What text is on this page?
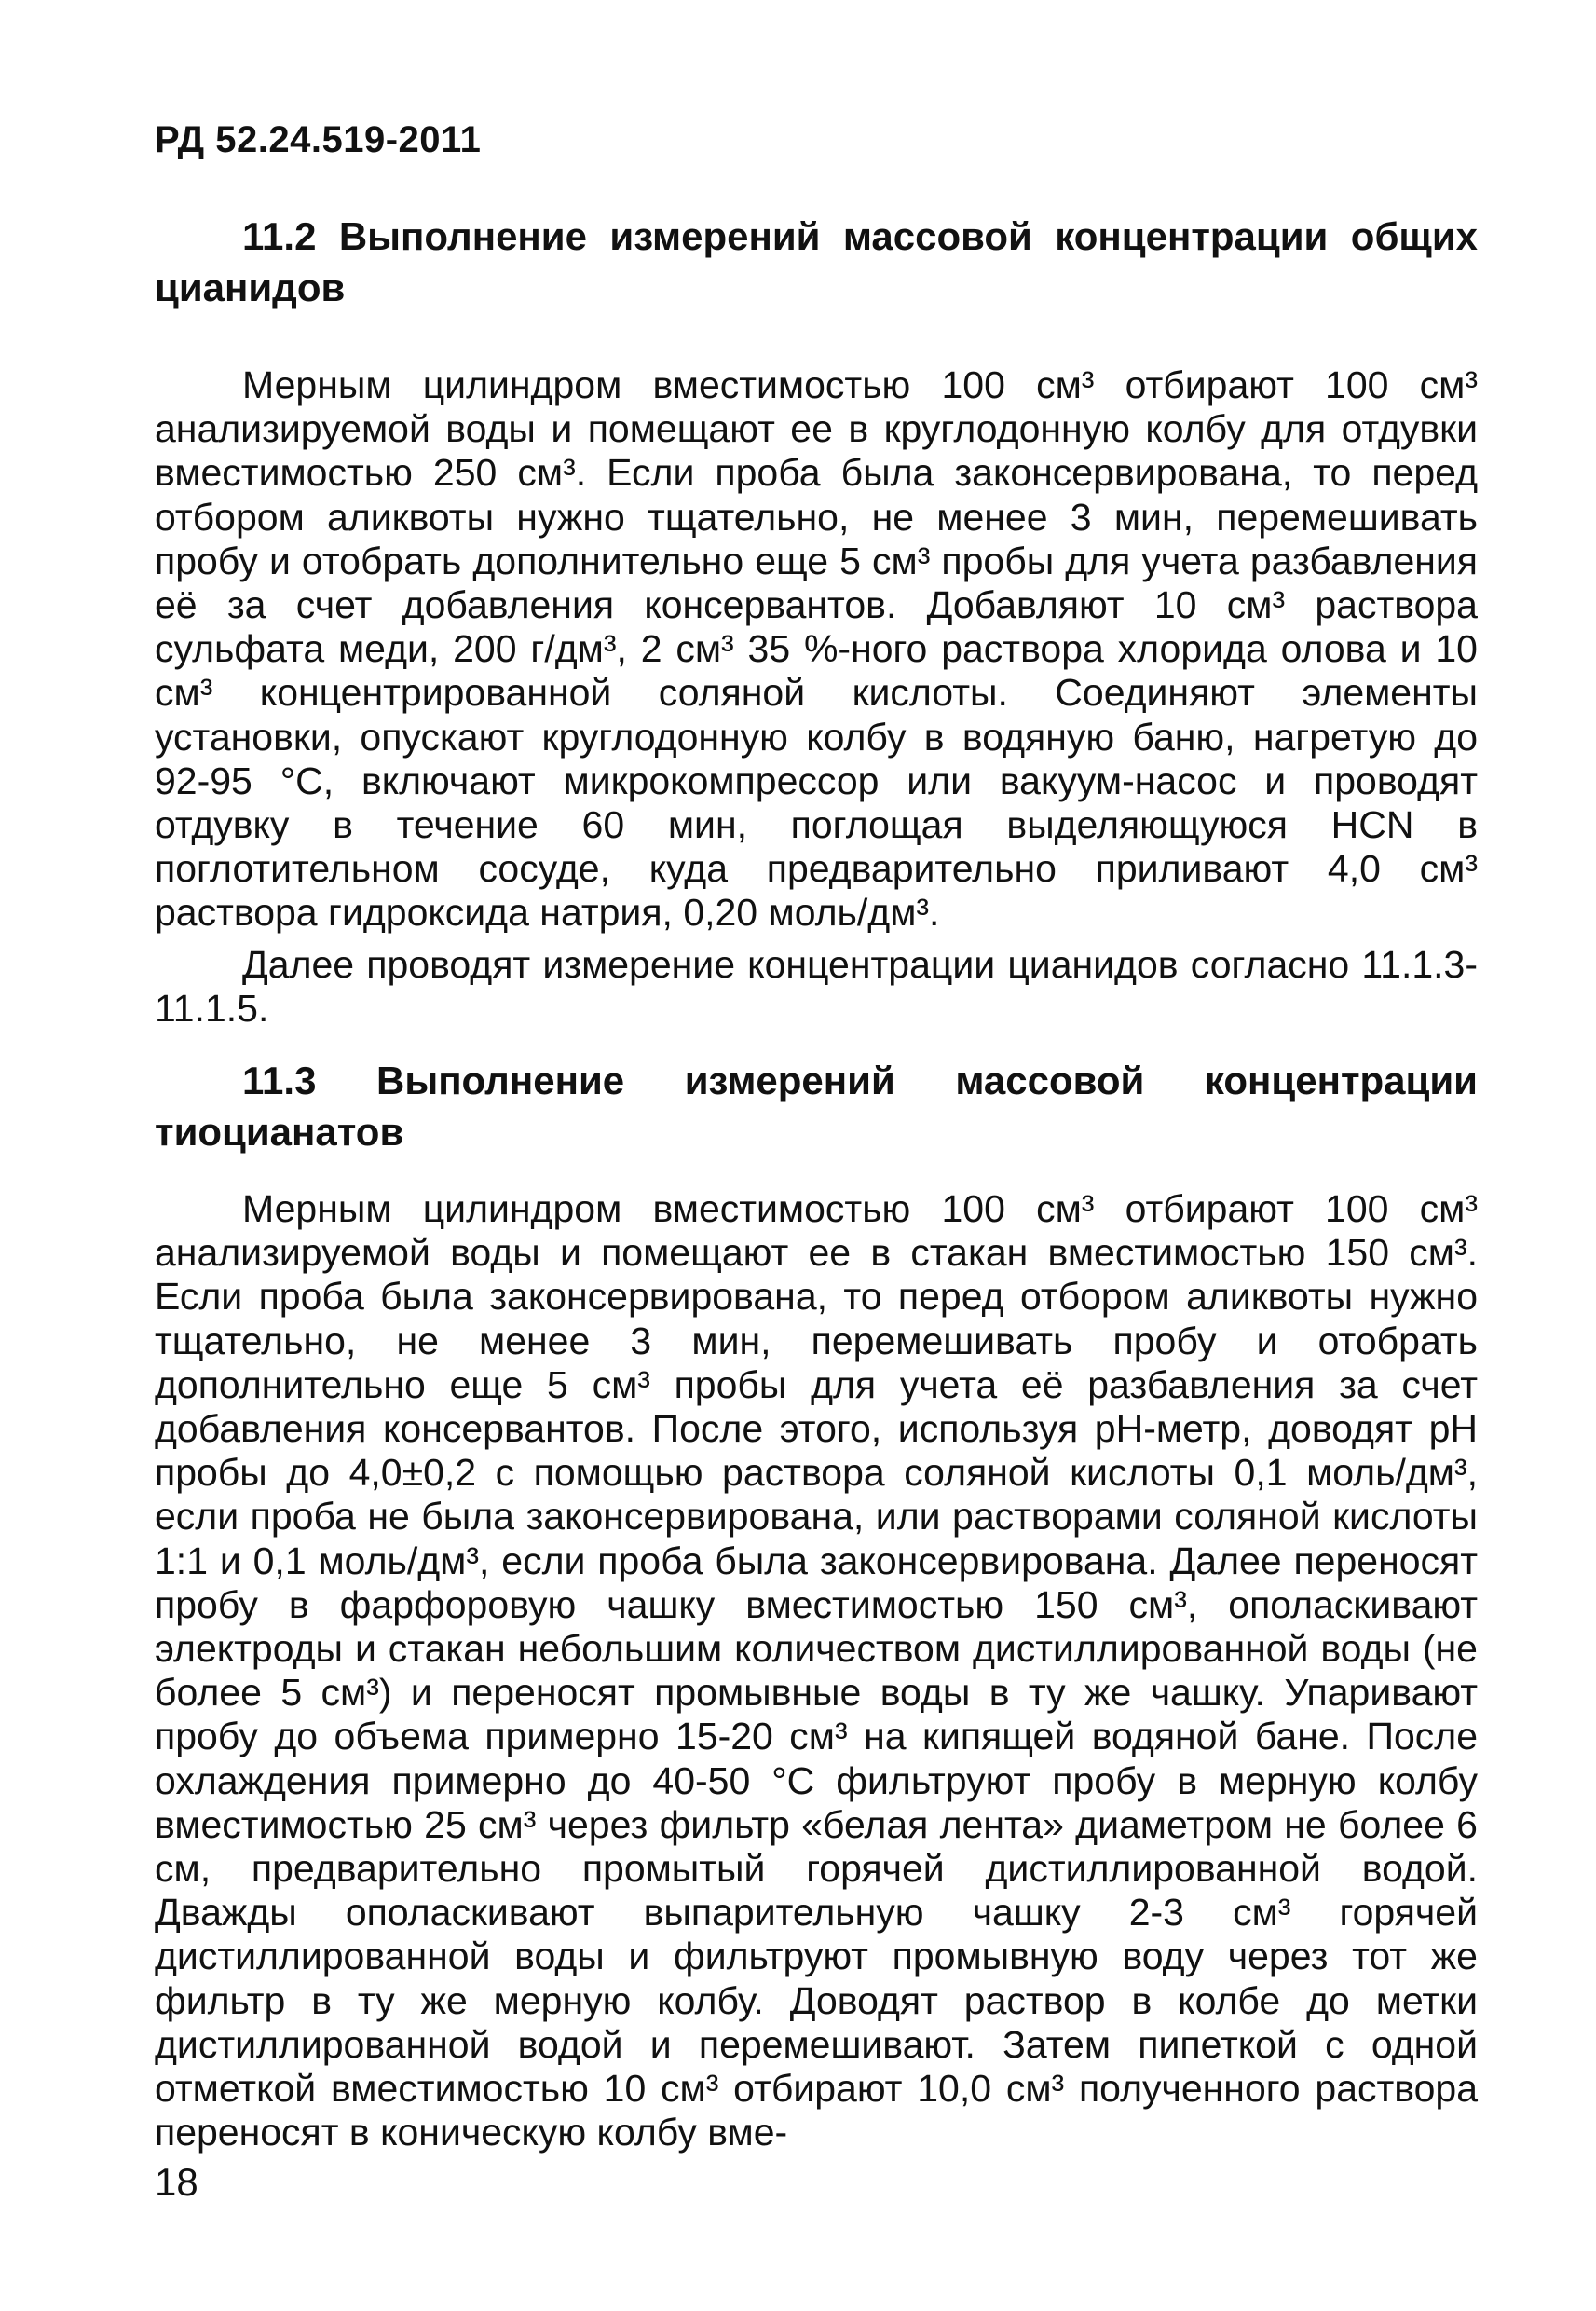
РД 52.24.519-2011

11.2 Выполнение измерений массовой концентрации общих цианидов

Мерным цилиндром вместимостью 100 см³ отбирают 100 см³ анализируемой воды и помещают ее в круглодонную колбу для отдувки вместимостью 250 см³. Если проба была законсервирована, то перед отбором аликвоты нужно тщательно, не менее 3 мин, перемешивать пробу и отобрать дополнительно еще 5 см³ пробы для учета разбавления её за счет добавления консервантов. Добавляют 10 см³ раствора сульфата меди, 200 г/дм³, 2 см³ 35 %-ного раствора хлорида олова и 10 см³ концентрированной соляной кислоты. Соединяют элементы установки, опускают круглодонную колбу в водяную баню, нагретую до 92-95 °С, включают микрокомпрессор или вакуум-насос и проводят отдувку в течение 60 мин, поглощая выделяющуюся HCN в поглотительном сосуде, куда предварительно приливают 4,0 см³ раствора гидроксида натрия, 0,20 моль/дм³.

Далее проводят измерение концентрации цианидов согласно 11.1.3-11.1.5.

11.3 Выполнение измерений массовой концентрации тиоцианатов

Мерным цилиндром вместимостью 100 см³ отбирают 100 см³ анализируемой воды и помещают ее в стакан вместимостью 150 см³. Если проба была законсервирована, то перед отбором аликвоты нужно тщательно, не менее 3 мин, перемешивать пробу и отобрать дополнительно еще 5 см³ пробы для учета её разбавления за счет добавления консервантов. После этого, используя рН-метр, доводят рН пробы до 4,0±0,2 с помощью раствора соляной кислоты 0,1 моль/дм³, если проба не была законсервирована, или растворами соляной кислоты 1:1 и 0,1 моль/дм³, если проба была законсервирована. Далее переносят пробу в фарфоровую чашку вместимостью 150 см³, ополаскивают электроды и стакан небольшим количеством дистиллированной воды (не более 5 см³) и переносят промывные воды в ту же чашку. Упаривают пробу до объема примерно 15-20 см³ на кипящей водяной бане. После охлаждения примерно до 40-50 °С фильтруют пробу в мерную колбу вместимостью 25 см³ через фильтр «белая лента» диаметром не более 6 см, предварительно промытый горячей дистиллированной водой. Дважды ополаскивают выпарительную чашку 2-3 см³ горячей дистиллированной воды и фильтруют промывную воду через тот же фильтр в ту же мерную колбу. Доводят раствор в колбе до метки дистиллированной водой и перемешивают. Затем пипеткой с одной отметкой вместимостью 10 см³ отбирают 10,0 см³ полученного раствора переносят в коническую колбу вме-

18
